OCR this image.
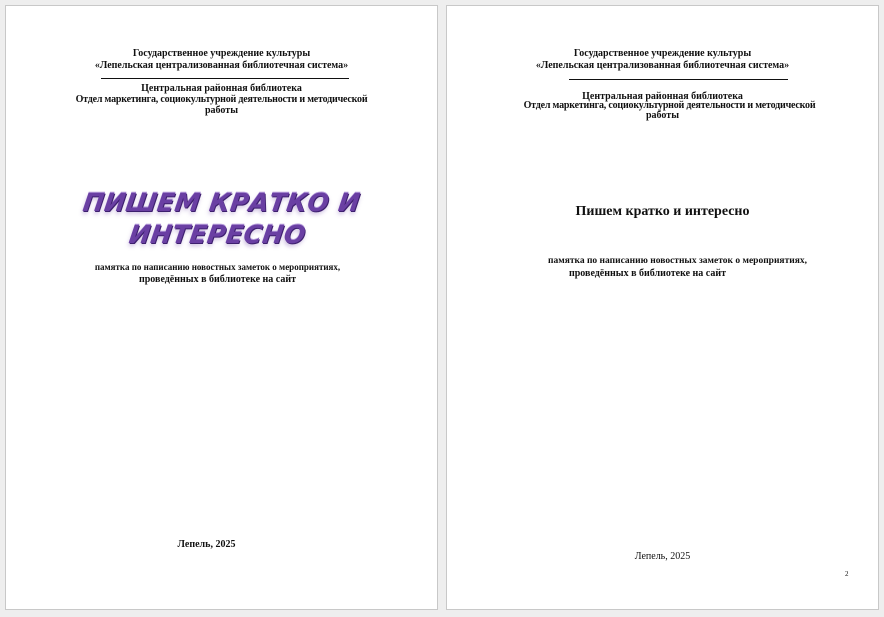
Государственное учреждение культуры
«Лепельская централизованная библиотечная система»
Центральная районная библиотека
Отдел маркетинга, социокультурной деятельности и методической
работы
ПИШЕМ КРАТКО И
ИНТЕРЕСНО
памятка по написанию новостных заметок о мероприятиях,
проведённых в библиотеке на сайт
Лепель, 2025
Государственное учреждение культуры
«Лепельская централизованная библиотечная система»
Центральная районная библиотека
Отдел маркетинга, социокультурной деятельности и методической
работы
Пишем кратко и интересно
памятка по написанию новостных заметок о мероприятиях,
проведённых в библиотеке на сайт
Лепель, 2025
2
